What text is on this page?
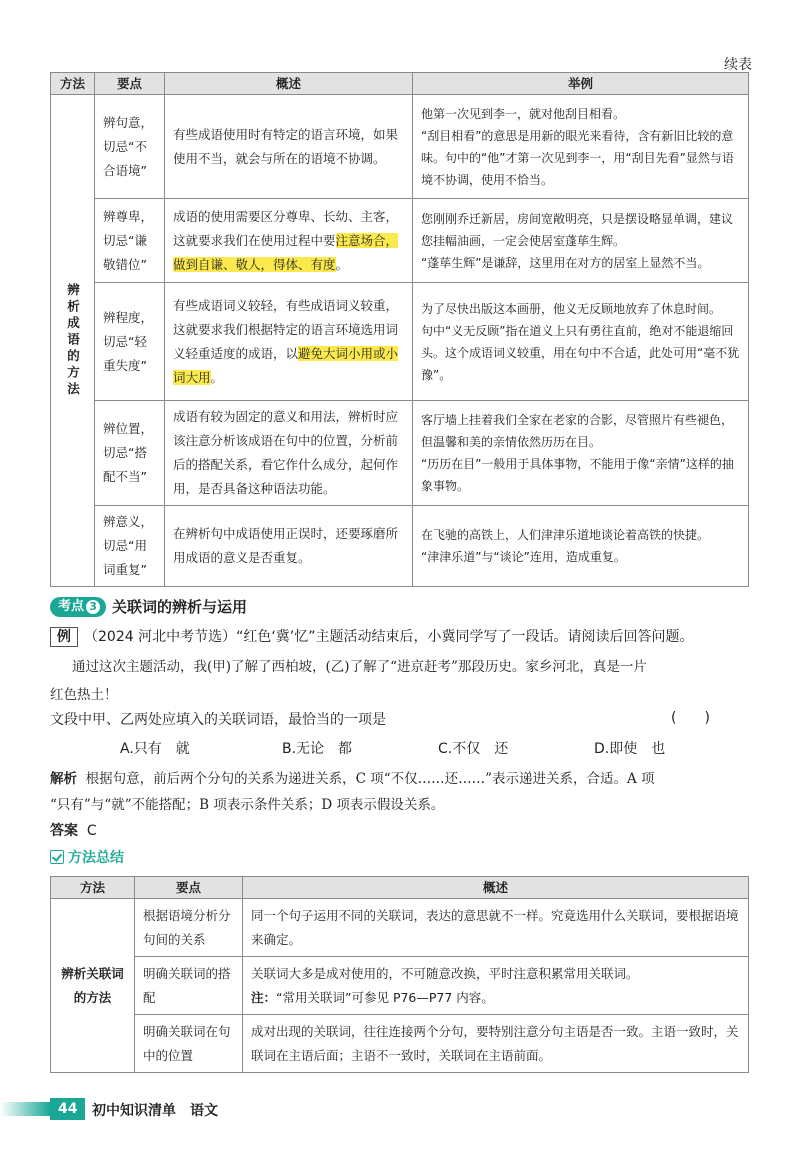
续表
方法	要点	概述	举例
辨析成语的方法	辨句意，切忌“不合语境”	有些成语使用时有特定的语言环境，如果使用不当，就会与所在的语境不协调。	他第一次见到李一，就对他刮目相看。
“刮目相看”的意思是用新的眼光来看待，含有新旧比较的意味。句中的“他”才第一次见到李一，用“刮目先看”显然与语境不协调，使用不恰当。

	辨尊卑，切忌“谦敬错位”	成语的使用需要区分尊卑、长幼、主客，这就要求我们在使用过程中要注意场合，做到自谦、敬人，得体、有度。	您刚刚乔迁新居，房间宽敞明亮，只是摆设略显单调，建议您挂幅油画，一定会使居室蓬荜生辉。
“蓬荜生辉”是谦辞，这里用在对方的居室上显然不当。

	辨程度，切忌“轻重失度”	有些成语词义较轻，有些成语词义较重，这就要求我们根据特定的语言环境选用词义轻重适度的成语，以避免大词小用或小词大用。	为了尽快出版这本画册，他义无反顾地放弃了休息时间。
句中“义无反顾”指在道义上只有勇往直前，绝对不能退缩回头。这个成语词义较重，用在句中不合适，此处可用“毫不犹豫”。

	辨位置，切忌“搭配不当”	成语有较为固定的意义和用法，辨析时应该注意分析该成语在句中的位置，分析前后的搭配关系，看它作什么成分，起何作用，是否具备这种语法功能。	客厅墙上挂着我们全家在老家的合影，尽管照片有些褪色，但温馨和美的亲情依然历历在目。
“历历在目”一般用于具体事物，不能用于像“亲情”这样的抽象事物。

	辨意义，切忌“用词重复”	在辨析句中成语使用正误时，还要琢磨所用成语的意义是否重复。	在飞驰的高铁上，人们津津乐道地谈论着高铁的快捷。
“津津乐道”与“谈论”连用，造成重复。
考点 3 关联词的辨析与运用
例 （2024 河北中考节选）“红色‘冀’忆”主题活动结束后，小冀同学写了一段话。请阅读后回答问题。
通过这次主题活动，我(甲)了解了西柏坡，(乙)了解了“进京赶考”那段历史。家乡河北，真是一片
红色热土！
文段中甲、乙两处应填入的关联词语，最恰当的一项是	(　　)
A.只有　就	B.无论　都	C.不仅　还	D.即使　也
解析 根据句意，前后两个分句的关系为递进关系，C 项“不仅……还……”表示递进关系，合适。A 项
“只有”与“就”不能搭配；B 项表示条件关系；D 项表示假设关系。
答案 C
方法总结
方法	要点	概述
辨析关联词的方法	根据语境分析分句间的关系	同一个句子运用不同的关联词，表达的意思就不一样。究竟选用什么关联词，要根据语境来确定。
	明确关联词的搭配	关联词大多是成对使用的，不可随意改换，平时注意积累常用关联词。
注：“常用关联词”可参见 P76—P77 内容。

	明确关联词在句中的位置	成对出现的关联词，往往连接两个分句，要特别注意分句主语是否一致。主语一致时，关联词在主语后面；主语不一致时，关联词在主语前面。
44	初中知识清单　语文
